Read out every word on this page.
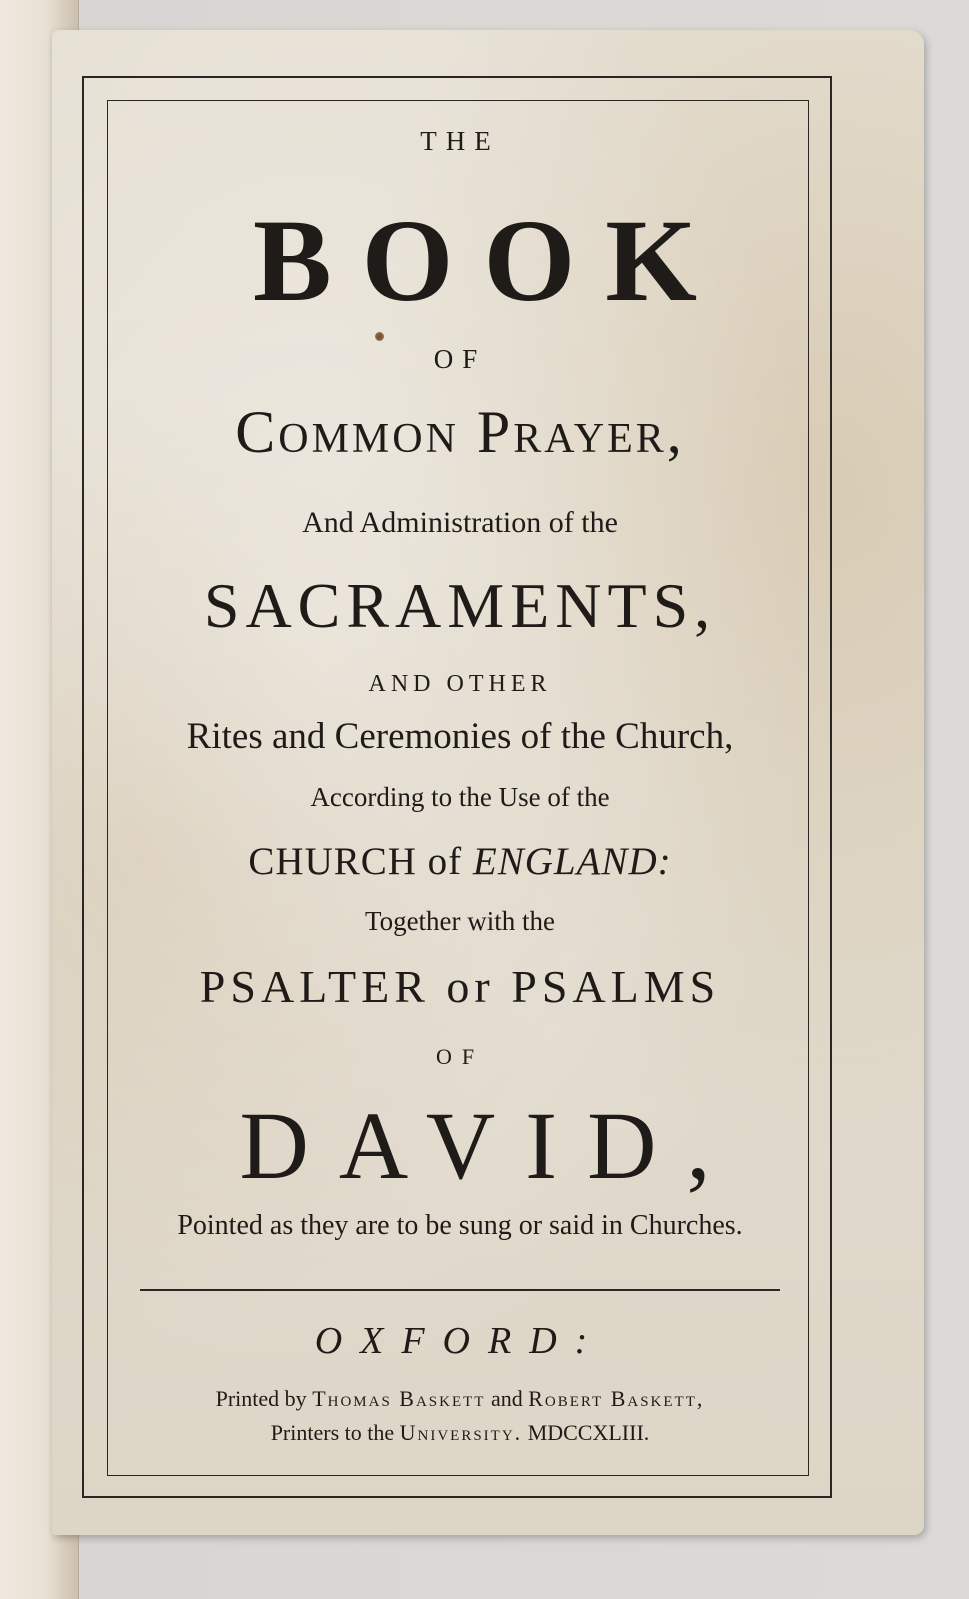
THE
BOOK
OF
Common Prayer,
And Administration of the
SACRAMENTS,
AND OTHER
Rites and Ceremonies of the Church,
According to the Use of the
CHURCH of ENGLAND:
Together with the
PSALTER or PSALMS
OF
DAVID,
Pointed as they are to be sung or said in Churches.
OXFORD:
Printed by Thomas Baskett and Robert Baskett,
Printers to the University. MDCCXLIII.
